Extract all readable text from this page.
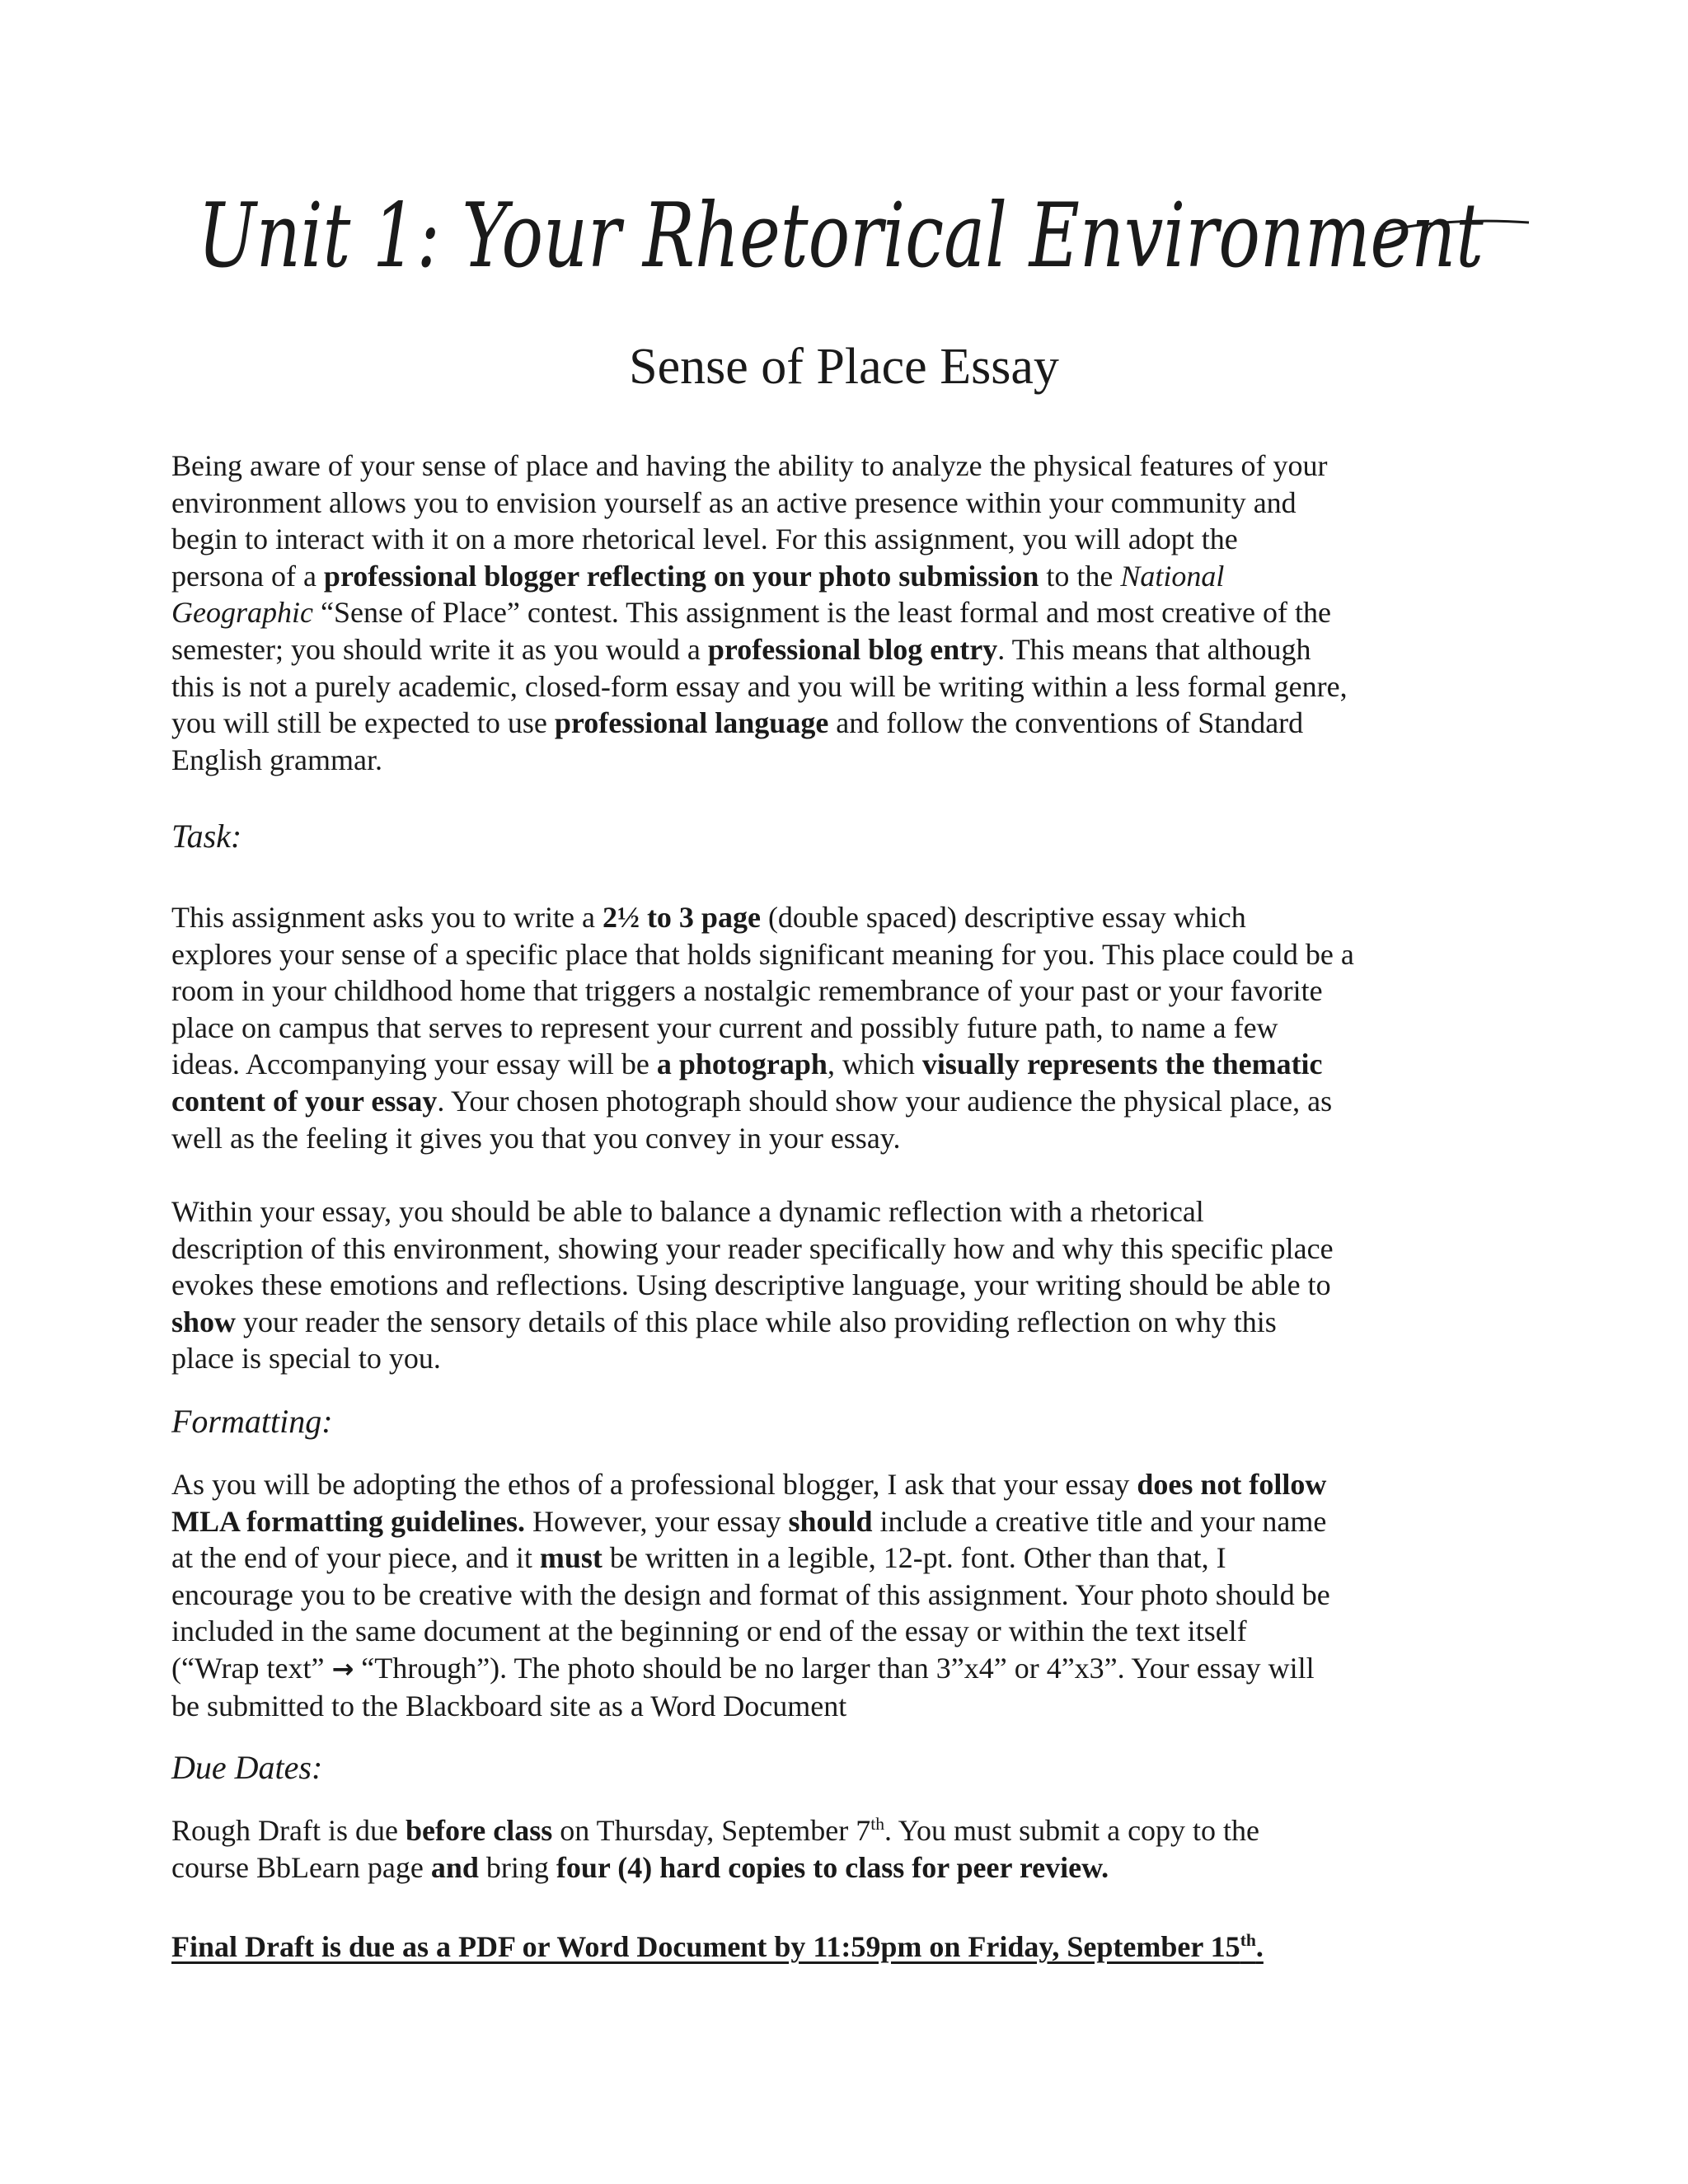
Unit 1: Your Rhetorical Environment
Sense of Place Essay

Being aware of your sense of place and having the ability to analyze the physical features of your
environment allows you to envision yourself as an active presence within your community and
begin to interact with it on a more rhetorical level. For this assignment, you will adopt the
persona of a professional blogger reflecting on your photo submission to the National
Geographic “Sense of Place” contest. This assignment is the least formal and most creative of the
semester; you should write it as you would a professional blog entry. This means that although
this is not a purely academic, closed-form essay and you will be writing within a less formal genre,
you will still be expected to use professional language and follow the conventions of Standard
English grammar.

Task:

This assignment asks you to write a 2½ to 3 page (double spaced) descriptive essay which
explores your sense of a specific place that holds significant meaning for you. This place could be a
room in your childhood home that triggers a nostalgic remembrance of your past or your favorite
place on campus that serves to represent your current and possibly future path, to name a few
ideas. Accompanying your essay will be a photograph, which visually represents the thematic
content of your essay. Your chosen photograph should show your audience the physical place, as
well as the feeling it gives you that you convey in your essay.

Within your essay, you should be able to balance a dynamic reflection with a rhetorical
description of this environment, showing your reader specifically how and why this specific place
evokes these emotions and reflections. Using descriptive language, your writing should be able to
show your reader the sensory details of this place while also providing reflection on why this
place is special to you.

Formatting:

As you will be adopting the ethos of a professional blogger, I ask that your essay does not follow
MLA formatting guidelines. However, your essay should include a creative title and your name
at the end of your piece, and it must be written in a legible, 12-pt. font. Other than that, I
encourage you to be creative with the design and format of this assignment. Your photo should be
included in the same document at the beginning or end of the essay or within the text itself
(“Wrap text” → “Through”). The photo should be no larger than 3”x4” or 4”x3”. Your essay will
be submitted to the Blackboard site as a Word Document

Due Dates:

Rough Draft is due before class on Thursday, September 7th. You must submit a copy to the
course BbLearn page and bring four (4) hard copies to class for peer review.

Final Draft is due as a PDF or Word Document by 11:59pm on Friday, September 15th.
